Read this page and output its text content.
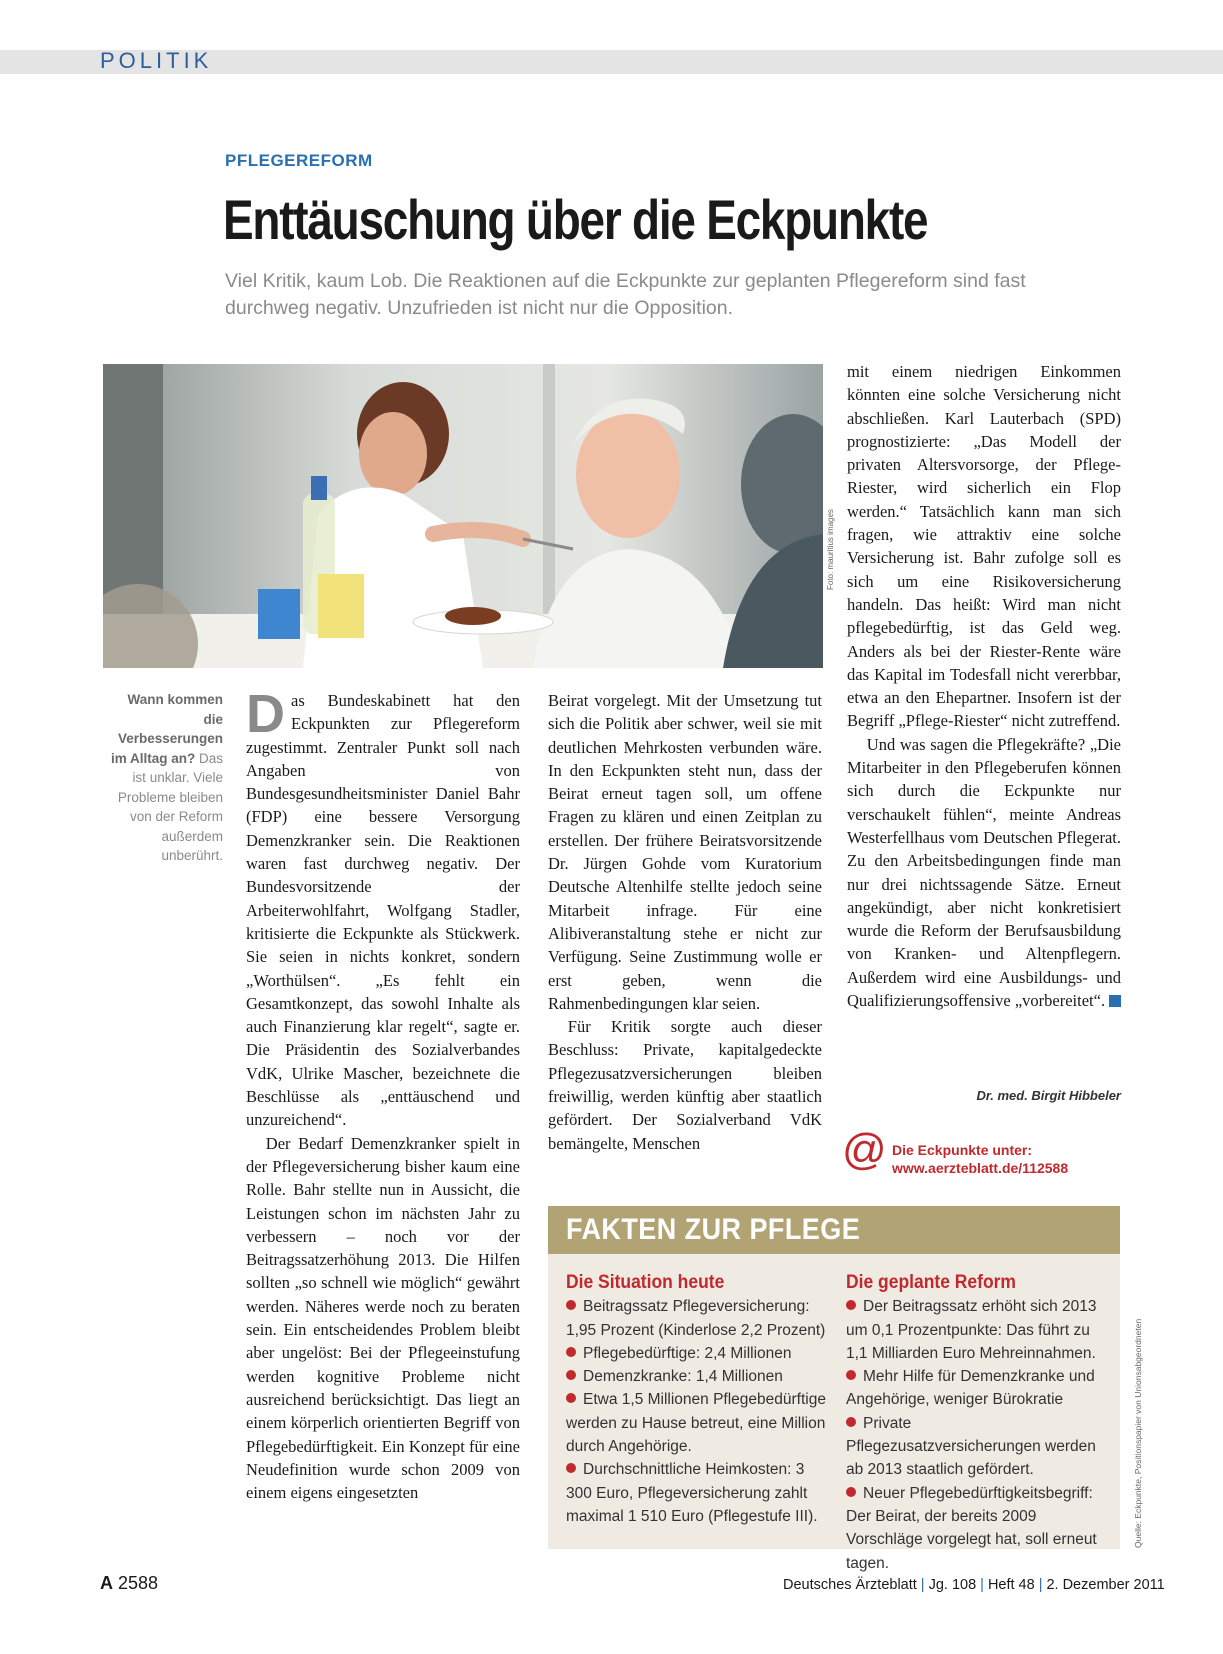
POLITIK
PFLEGEREFORM
Enttäuschung über die Eckpunkte
Viel Kritik, kaum Lob. Die Reaktionen auf die Eckpunkte zur geplanten Pflegereform sind fast durchweg negativ. Unzufrieden ist nicht nur die Opposition.
Foto: mauritius images
Wann kommen die Verbesserungen im Alltag an? Das ist unklar. Viele Probleme bleiben von der Reform außerdem unberührt.

Das Bundeskabinett hat den Eckpunkten zur Pflegereform zugestimmt. Zentraler Punkt soll nach Angaben von Bundesgesundheitsminister Daniel Bahr (FDP) eine bessere Versorgung Demenzkranker sein. Die Reaktionen waren fast durchweg negativ. Der Bundesvorsitzende der Arbeiterwohlfahrt, Wolfgang Stadler, kritisierte die Eckpunkte als Stückwerk. Sie seien in nichts konkret, sondern „Worthülsen“. „Es fehlt ein Gesamtkonzept, das sowohl Inhalte als auch Finanzierung klar regelt“, sagte er. Die Präsidentin des Sozialverbandes VdK, Ulrike Mascher, bezeichnete die Beschlüsse als „enttäuschend und unzureichend“.

Der Bedarf Demenzkranker spielt in der Pflegeversicherung bisher kaum eine Rolle. Bahr stellte nun in Aussicht, die Leistungen schon im nächsten Jahr zu verbessern – noch vor der Beitragssatzerhöhung 2013. Die Hilfen sollten „so schnell wie möglich“ gewährt werden. Näheres werde noch zu beraten sein. Ein entscheidendes Problem bleibt aber ungelöst: Bei der Pflegeeinstufung werden kognitive Probleme nicht ausreichend berücksichtigt. Das liegt an einem körperlich orientierten Begriff von Pflegebedürftigkeit. Ein Konzept für eine Neudefinition wurde schon 2009 von einem eigens eingesetzten

Beirat vorgelegt. Mit der Umsetzung tut sich die Politik aber schwer, weil sie mit deutlichen Mehrkosten verbunden wäre. In den Eckpunkten steht nun, dass der Beirat erneut tagen soll, um offene Fragen zu klären und einen Zeitplan zu erstellen. Der frühere Beiratsvorsitzende Dr. Jürgen Gohde vom Kuratorium Deutsche Altenhilfe stellte jedoch seine Mitarbeit infrage. Für eine Alibiveranstaltung stehe er nicht zur Verfügung. Seine Zustimmung wolle er erst geben, wenn die Rahmenbedingungen klar seien.

Für Kritik sorgte auch dieser Beschluss: Private, kapitalgedeckte Pflegezusatzversicherungen bleiben freiwillig, werden künftig aber staatlich gefördert. Der Sozialverband VdK bemängelte, Menschen

mit einem niedrigen Einkommen könnten eine solche Versicherung nicht abschließen. Karl Lauterbach (SPD) prognostizierte: „Das Modell der privaten Altersvorsorge, der Pflege-Riester, wird sicherlich ein Flop werden.“ Tatsächlich kann man sich fragen, wie attraktiv eine solche Versicherung ist. Bahr zufolge soll es sich um eine Risikoversicherung handeln. Das heißt: Wird man nicht pflegebedürftig, ist das Geld weg. Anders als bei der Riester-Rente wäre das Kapital im Todesfall nicht vererbbar, etwa an den Ehepartner. Insofern ist der Begriff „Pflege-Riester“ nicht zutreffend.

Und was sagen die Pflegekräfte? „Die Mitarbeiter in den Pflegeberufen können sich durch die Eckpunkte nur verschaukelt fühlen“, meinte Andreas Westerfellhaus vom Deutschen Pflegerat. Zu den Arbeitsbedingungen finde man nur drei nichtssagende Sätze. Erneut angekündigt, aber nicht konkretisiert wurde die Reform der Berufsausbildung von Kranken- und Altenpflegern. Außerdem wird eine Ausbildungs- und Qualifizierungsoffensive „vorbereitet“.

Dr. med. Birgit Hibbeler
@ Die Eckpunkte unter:
www.aerzteblatt.de/112588
FAKTEN ZUR PFLEGE
Die Situation heute
Beitragssatz Pflegeversicherung: 1,95 Prozent (Kinderlose 2,2 Prozent)
Pflegebedürftige: 2,4 Millionen
Demenzkranke: 1,4 Millionen
Etwa 1,5 Millionen Pflegebedürftige werden zu Hause betreut, eine Million durch Angehörige.
Durchschnittliche Heimkosten: 3 300 Euro, Pflegeversicherung zahlt maximal 1 510 Euro (Pflegestufe III).
Die geplante Reform
Der Beitragssatz erhöht sich 2013 um 0,1 Prozentpunkte: Das führt zu 1,1 Milliarden Euro Mehreinnahmen.
Mehr Hilfe für Demenzkranke und Angehörige, weniger Bürokratie
Private Pflegezusatzversicherungen werden ab 2013 staatlich gefördert.
Neuer Pflegebedürftigkeitsbegriff: Der Beirat, der bereits 2009 Vorschläge vorgelegt hat, soll erneut tagen.
Quelle: Eckpunkte, Positionspapier von Unionsabgeordneten
A 2588	Deutsches Ärzteblatt | Jg. 108 | Heft 48 | 2. Dezember 2011
